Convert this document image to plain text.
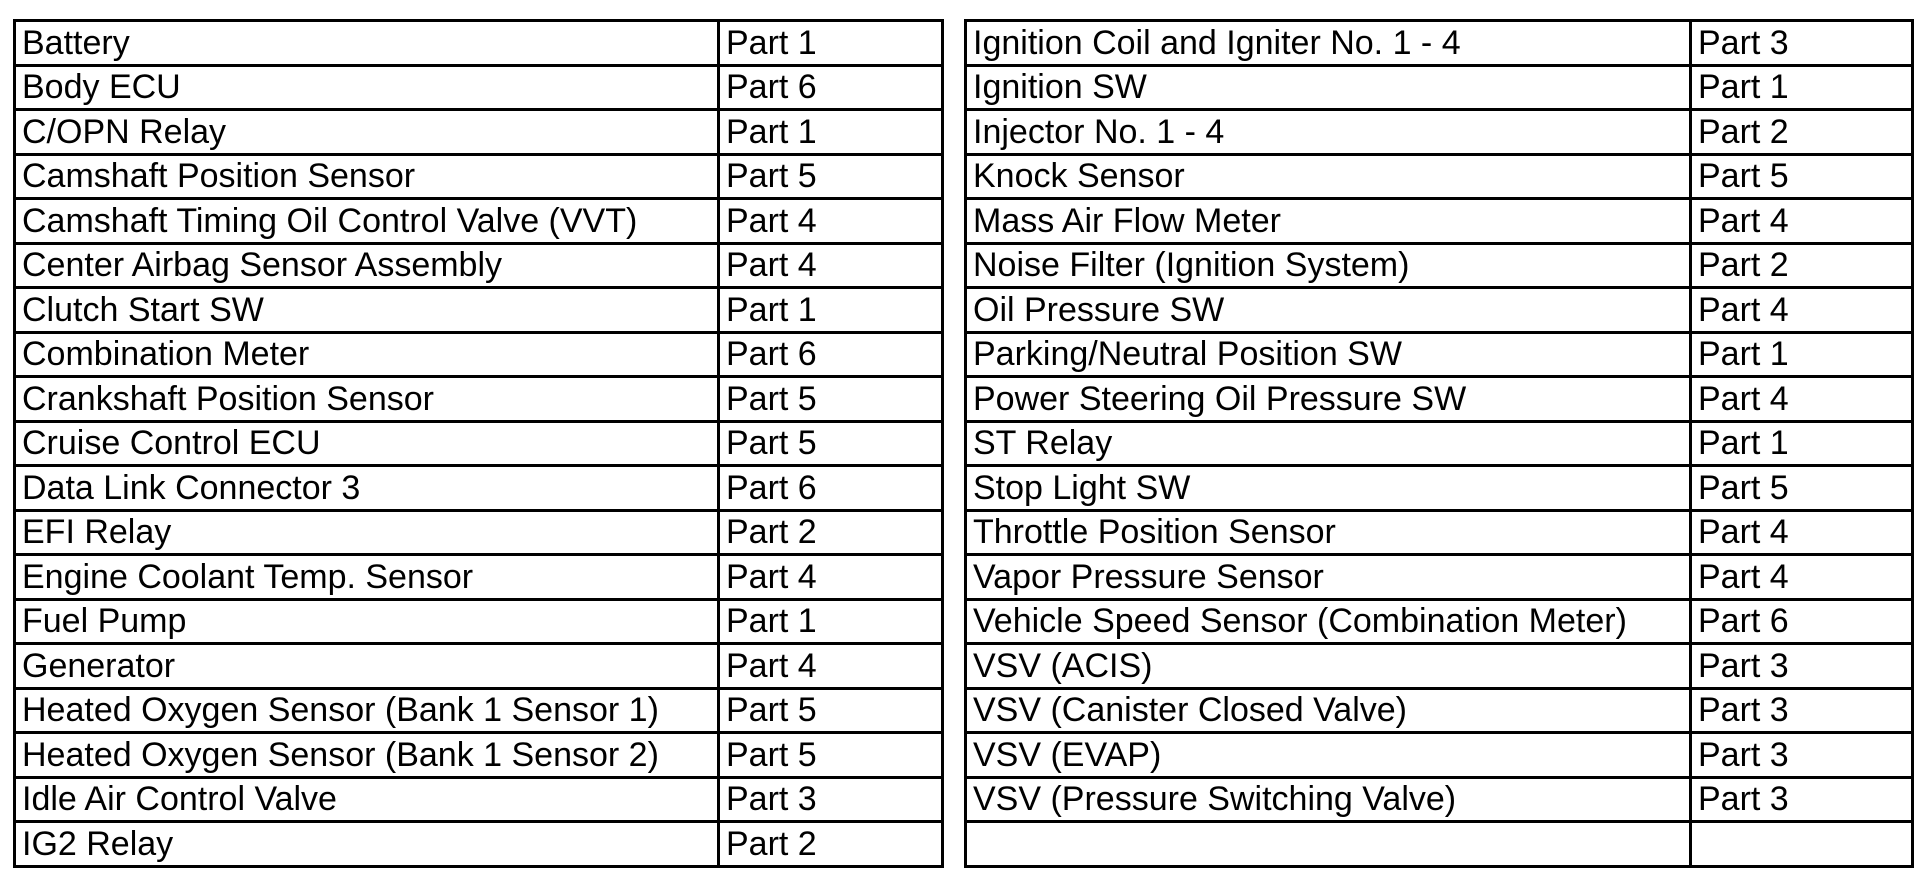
Battery	Part 1
Body ECU	Part 6
C/OPN Relay	Part 1
Camshaft Position Sensor	Part 5
Camshaft Timing Oil Control Valve (VVT)	Part 4
Center Airbag Sensor Assembly	Part 4
Clutch Start SW	Part 1
Combination Meter	Part 6
Crankshaft Position Sensor	Part 5
Cruise Control ECU	Part 5
Data Link Connector 3	Part 6
EFI Relay	Part 2
Engine Coolant Temp. Sensor	Part 4
Fuel Pump	Part 1
Generator	Part 4
Heated Oxygen Sensor (Bank 1 Sensor 1)	Part 5
Heated Oxygen Sensor (Bank 1 Sensor 2)	Part 5
Idle Air Control Valve	Part 3
IG2 Relay	Part 2
Ignition Coil and Igniter No. 1 - 4	Part 3
Ignition SW	Part 1
Injector No. 1 - 4	Part 2
Knock Sensor	Part 5
Mass Air Flow Meter	Part 4
Noise Filter (Ignition System)	Part 2
Oil Pressure SW	Part 4
Parking/Neutral Position SW	Part 1
Power Steering Oil Pressure SW	Part 4
ST Relay	Part 1
Stop Light SW	Part 5
Throttle Position Sensor	Part 4
Vapor Pressure Sensor	Part 4
Vehicle Speed Sensor (Combination Meter)	Part 6
VSV (ACIS)	Part 3
VSV (Canister Closed Valve)	Part 3
VSV (EVAP)	Part 3
VSV (Pressure Switching Valve)	Part 3
